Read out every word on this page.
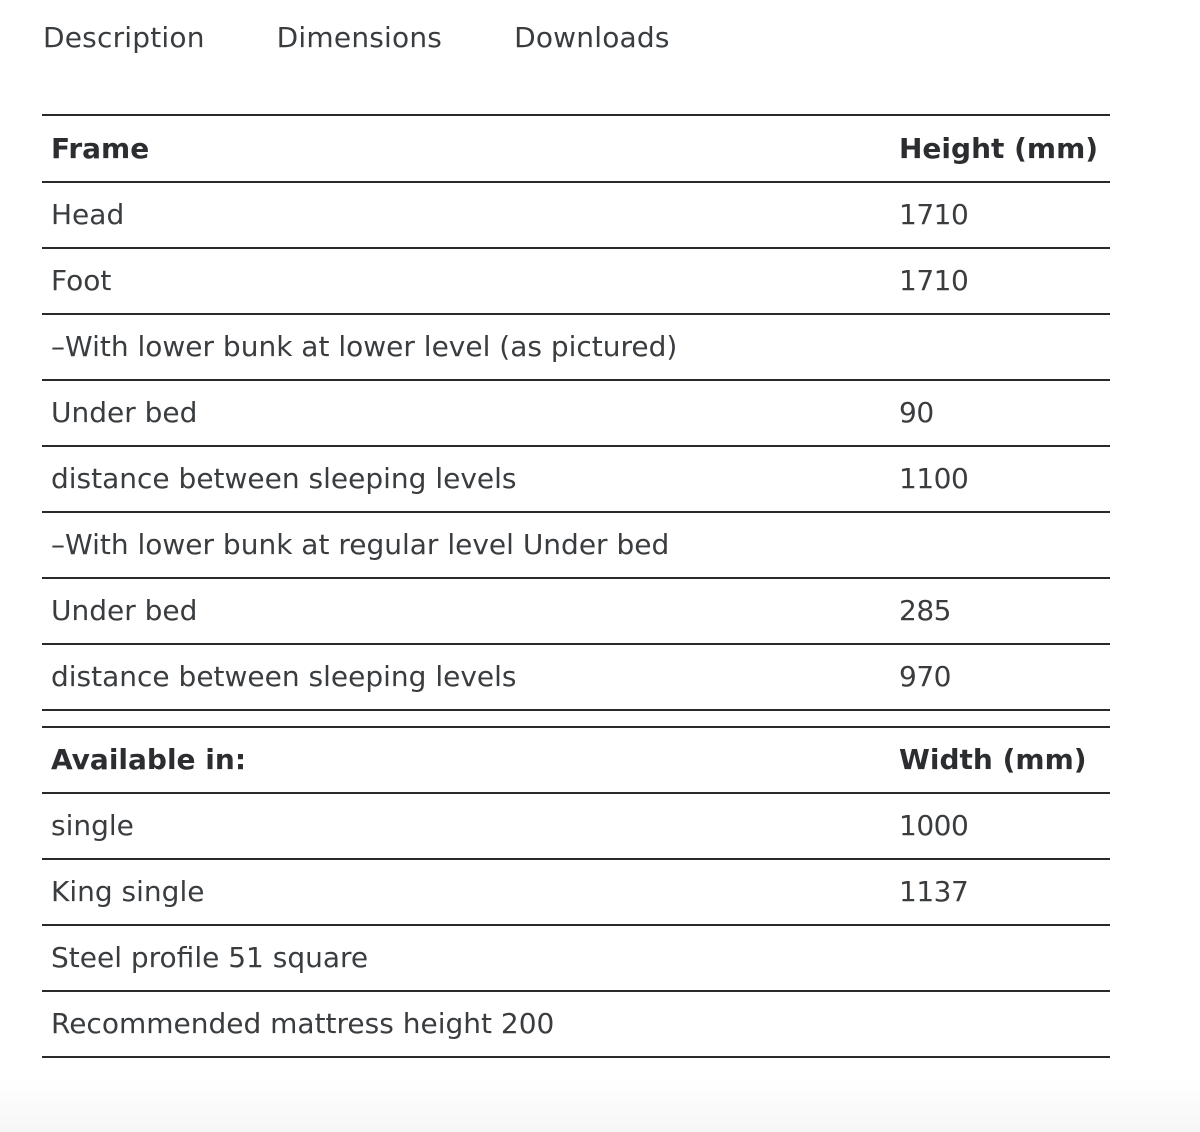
Description	Dimensions	Downloads
Frame	Height (mm)
Head	1710
Foot	1710
–With lower bunk at lower level (as pictured)
Under bed	90
distance between sleeping levels	1100
–With lower bunk at regular level Under bed
Under bed	285
distance between sleeping levels	970
Available in:	Width (mm)
single	1000
King single	1137
Steel profile 51 square
Recommended mattress height 200
